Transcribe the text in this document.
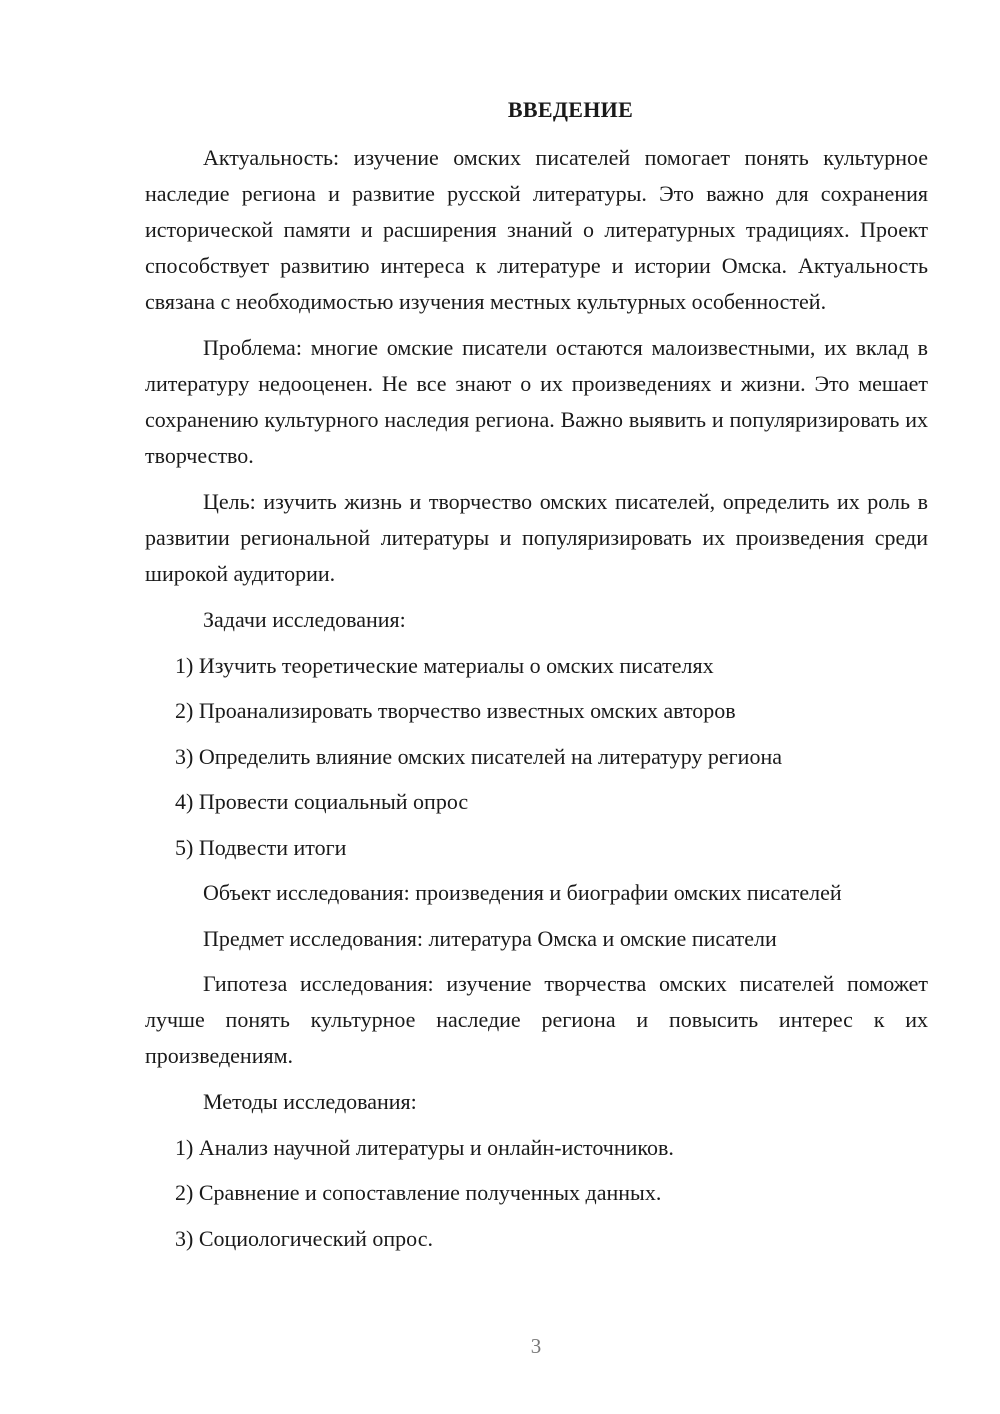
ВВЕДЕНИЕ

Актуальность: изучение омских писателей помогает понять культурное наследие региона и развитие русской литературы. Это важно для сохранения исторической памяти и расширения знаний о литературных традициях. Проект способствует развитию интереса к литературе и истории Омска. Актуальность связана с необходимостью изучения местных культурных особенностей.

Проблема: многие омские писатели остаются малоизвестными, их вклад в литературу недооценен. Не все знают о их произведениях и жизни. Это мешает сохранению культурного наследия региона. Важно выявить и популяризировать их творчество.

Цель: изучить жизнь и творчество омских писателей, определить их роль в развитии региональной литературы и популяризировать их произведения среди широкой аудитории.

Задачи исследования:
1) Изучить теоретические материалы о омских писателях
2) Проанализировать творчество известных омских авторов
3) Определить влияние омских писателей на литературу региона
4) Провести социальный опрос
5) Подвести итоги
Объект исследования: произведения и биографии омских писателей
Предмет исследования: литература Омска и омские писатели

Гипотеза исследования: изучение творчества омских писателей поможет лучше понять культурное наследие региона и повысить интерес к их произведениям.

Методы исследования:
1) Анализ научной литературы и онлайн-источников.
2) Сравнение и сопоставление полученных данных.
3) Социологический опрос.
3
